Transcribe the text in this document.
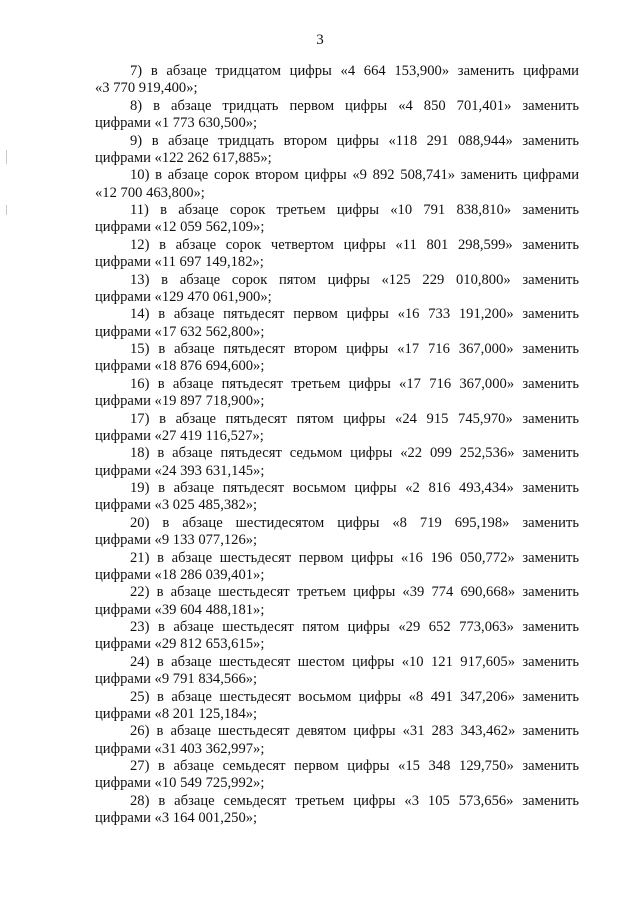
3
7) в абзаце тридцатом цифры «4 664 153,900» заменить цифрами
«3 770 919,400»;
8) в абзаце тридцать первом цифры «4 850 701,401» заменить
цифрами «1 773 630,500»;
9) в абзаце тридцать втором цифры «118 291 088,944» заменить
цифрами «122 262 617,885»;
10) в абзаце сорок втором цифры «9 892 508,741» заменить цифрами
«12 700 463,800»;
11) в абзаце сорок третьем цифры «10 791 838,810» заменить
цифрами «12 059 562,109»;
12) в абзаце сорок четвертом цифры «11 801 298,599» заменить
цифрами «11 697 149,182»;
13) в абзаце сорок пятом цифры «125 229 010,800» заменить
цифрами «129 470 061,900»;
14) в абзаце пятьдесят первом цифры «16 733 191,200» заменить
цифрами «17 632 562,800»;
15) в абзаце пятьдесят втором цифры «17 716 367,000» заменить
цифрами «18 876 694,600»;
16) в абзаце пятьдесят третьем цифры «17 716 367,000» заменить
цифрами «19 897 718,900»;
17) в абзаце пятьдесят пятом цифры «24 915 745,970» заменить
цифрами «27 419 116,527»;
18) в абзаце пятьдесят седьмом цифры «22 099 252,536» заменить
цифрами «24 393 631,145»;
19) в абзаце пятьдесят восьмом цифры «2 816 493,434» заменить
цифрами «3 025 485,382»;
20) в абзаце шестидесятом цифры «8 719 695,198» заменить
цифрами «9 133 077,126»;
21) в абзаце шестьдесят первом цифры «16 196 050,772» заменить
цифрами «18 286 039,401»;
22) в абзаце шестьдесят третьем цифры «39 774 690,668» заменить
цифрами «39 604 488,181»;
23) в абзаце шестьдесят пятом цифры «29 652 773,063» заменить
цифрами «29 812 653,615»;
24) в абзаце шестьдесят шестом цифры «10 121 917,605» заменить
цифрами «9 791 834,566»;
25) в абзаце шестьдесят восьмом цифры «8 491 347,206» заменить
цифрами «8 201 125,184»;
26) в абзаце шестьдесят девятом цифры «31 283 343,462» заменить
цифрами «31 403 362,997»;
27) в абзаце семьдесят первом цифры «15 348 129,750» заменить
цифрами «10 549 725,992»;
28) в абзаце семьдесят третьем цифры «3 105 573,656» заменить
цифрами «3 164 001,250»;
